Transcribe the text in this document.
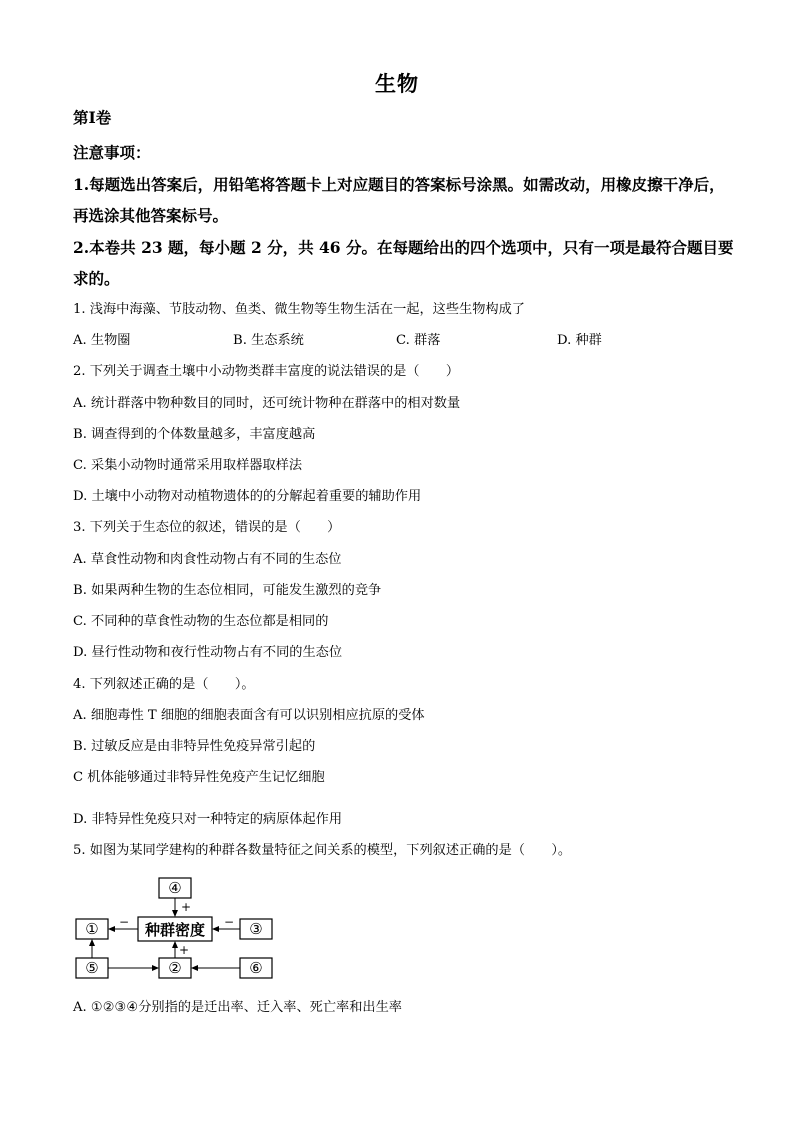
生物
第I卷
注意事项：
1.每题选出答案后，用铅笔将答题卡上对应题目的答案标号涂黑。如需改动，用橡皮擦干净后，
再选涂其他答案标号。
2.本卷共 23 题，每小题 2 分，共 46 分。在每题给出的四个选项中，只有一项是最符合题目要
求的。
1. 浅海中海藻、节肢动物、鱼类、微生物等生物生活在一起，这些生物构成了
A. 生物圈	B. 生态系统	C. 群落	D. 种群
2. 下列关于调查土壤中小动物类群丰富度的说法错误的是（　　）
A. 统计群落中物种数目的同时，还可统计物种在群落中的相对数量
B. 调查得到的个体数量越多，丰富度越高
C. 采集小动物时通常采用取样器取样法
D. 土壤中小动物对动植物遗体的的分解起着重要的辅助作用
3. 下列关于生态位的叙述，错误的是（　　）
A. 草食性动物和肉食性动物占有不同的生态位
B. 如果两种生物的生态位相同，可能发生激烈的竞争
C. 不同种的草食性动物的生态位都是相同的
D. 昼行性动物和夜行性动物占有不同的生态位
4. 下列叙述正确的是（　　）。
A. 细胞毒性 T 细胞的细胞表面含有可以识别相应抗原的受体
B. 过敏反应是由非特异性免疫异常引起的
C 机体能够通过非特异性免疫产生记忆细胞
D. 非特异性免疫只对一种特定的病原体起作用
5. 如图为某同学建构的种群各数量特征之间关系的模型，下列叙述正确的是（　　）。
④
①	种群密度	③
⑤	②	⑥
+
−	−
+
A. ①②③④分别指的是迁出率、迁入率、死亡率和出生率
